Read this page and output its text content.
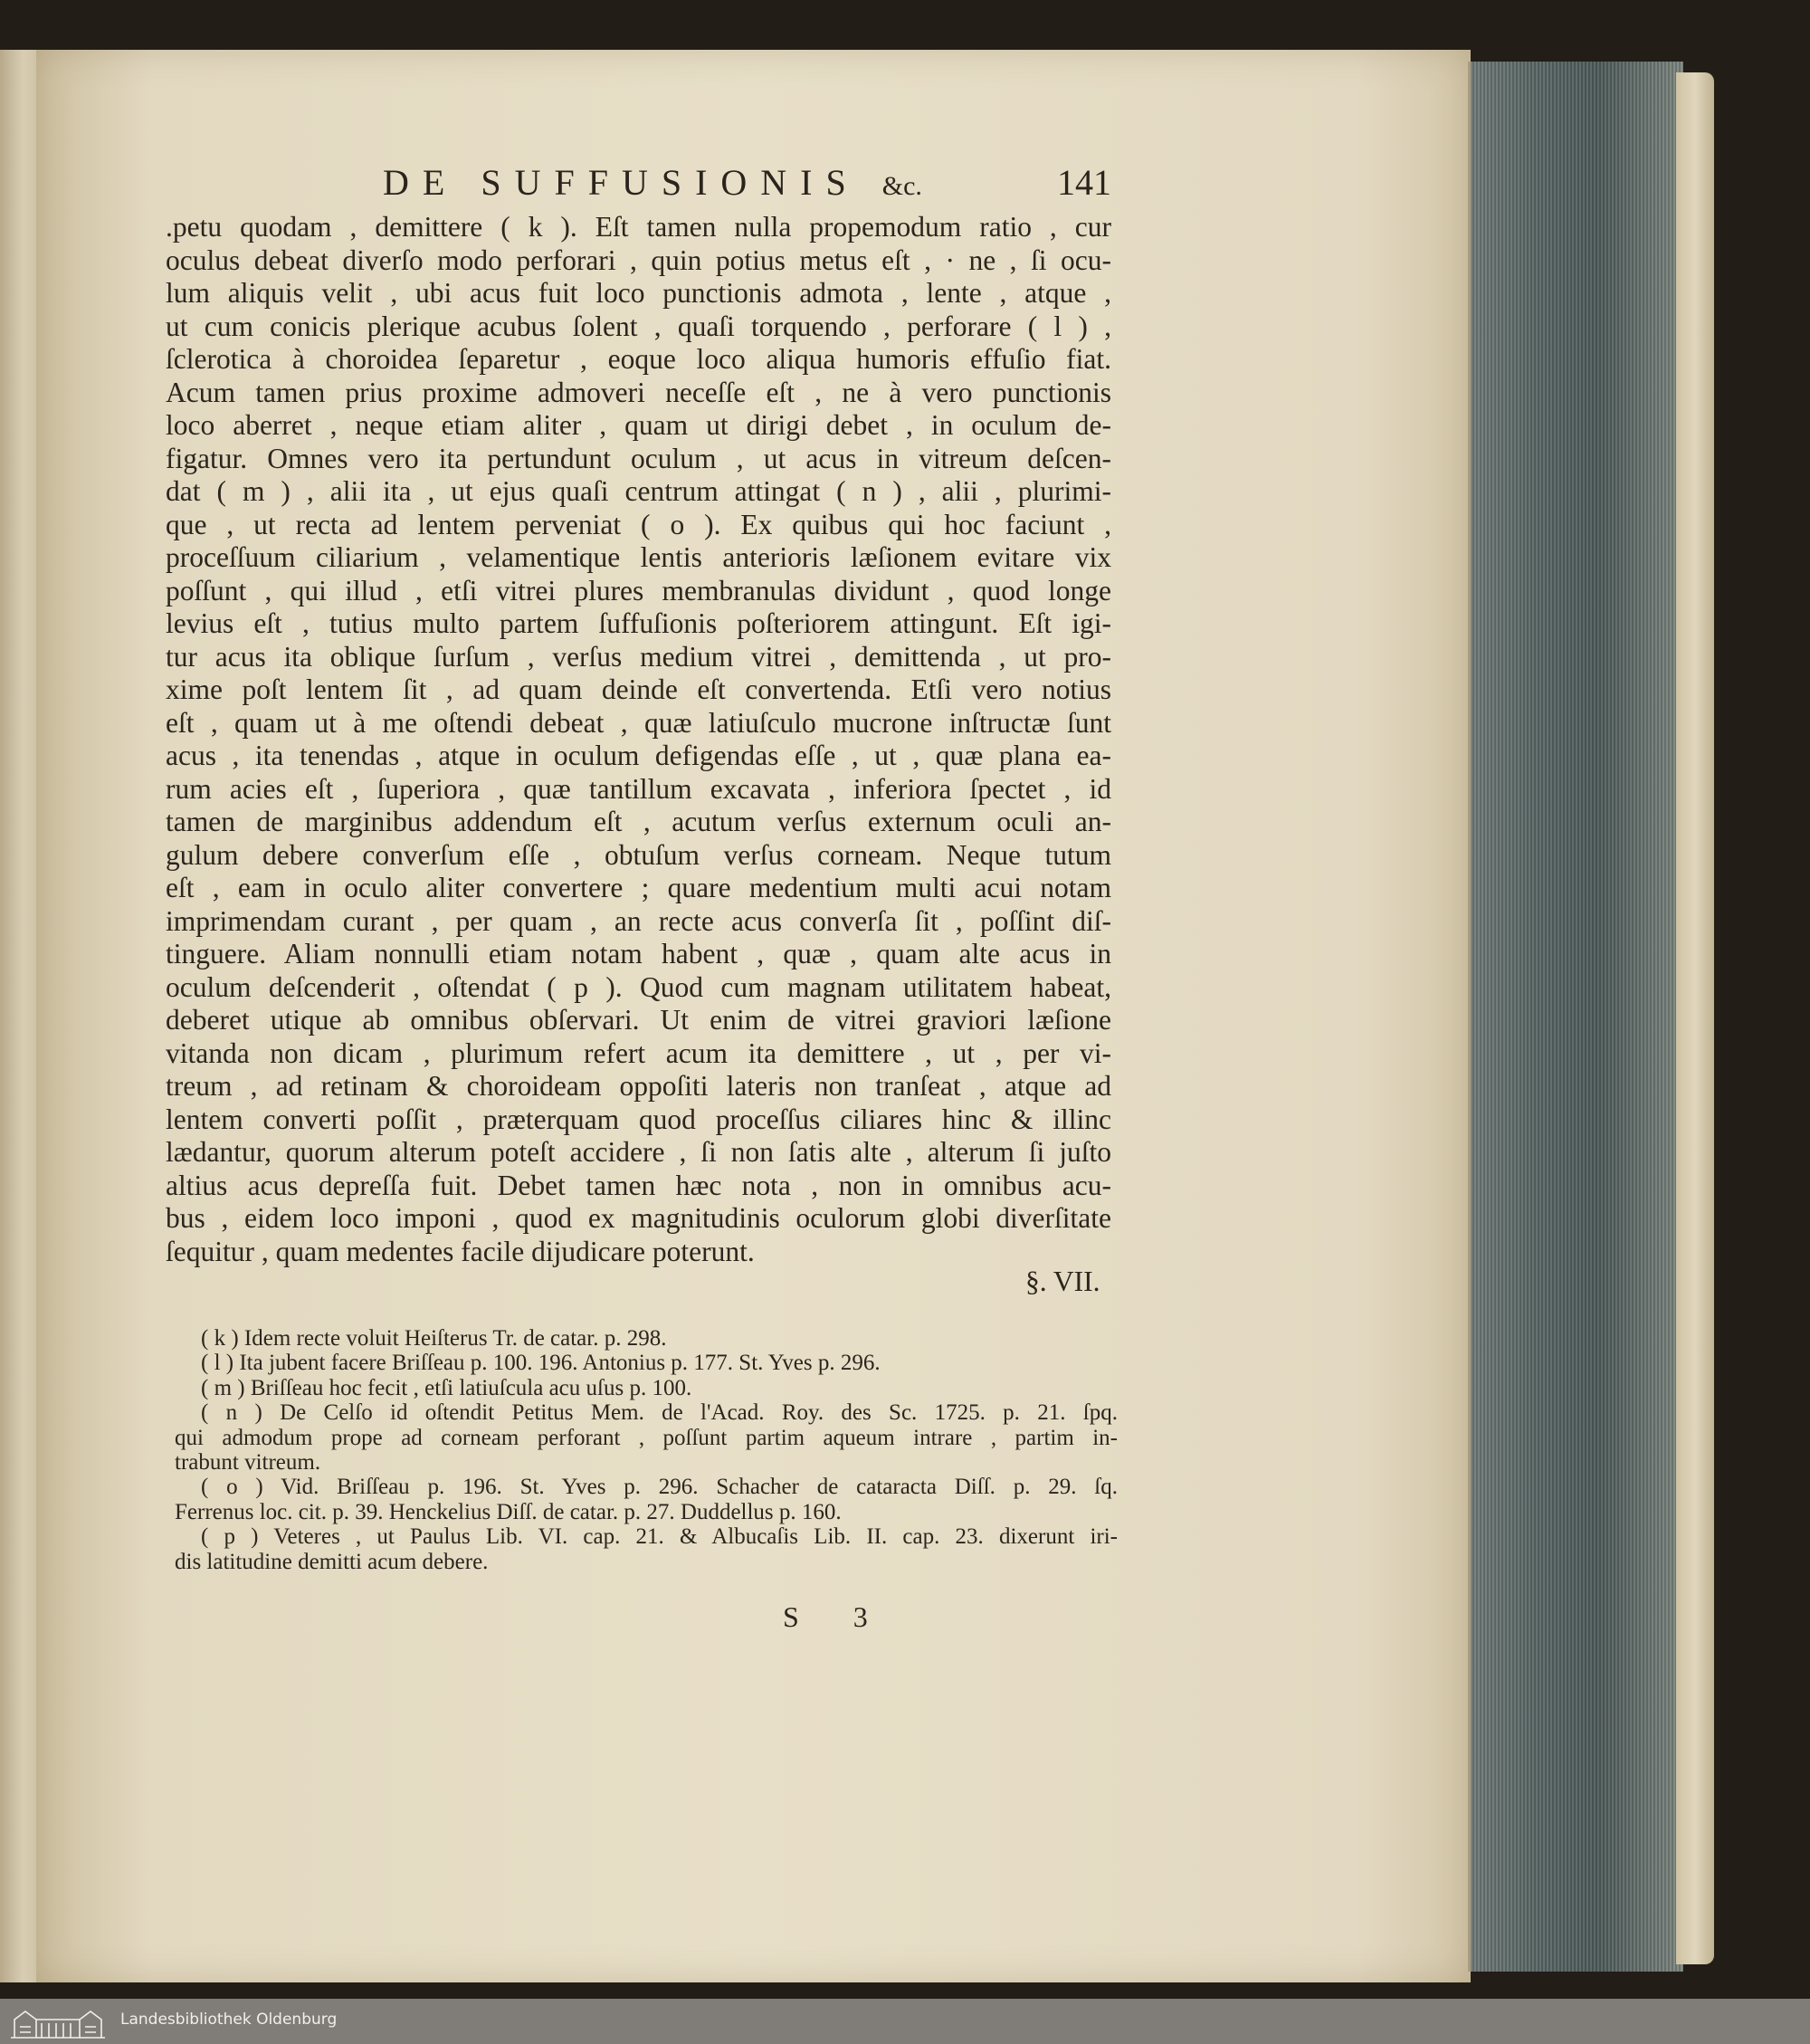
DE SUFFUSIONIS &c.	141
.petu quodam , demittere ( k ). Eſt tamen nulla propemodum ratio , cur
oculus debeat diverſo modo perforari , quin potius metus eſt , · ne , ſi ocu-
lum aliquis velit , ubi acus fuit loco punctionis admota , lente , atque ,
ut cum conicis plerique acubus ſolent , quaſi torquendo , perforare ( l ) ,
ſclerotica à choroidea ſeparetur , eoque loco aliqua humoris effuſio fiat.
Acum tamen prius proxime admoveri neceſſe eſt , ne à vero punctionis
loco aberret , neque etiam aliter , quam ut dirigi debet , in oculum de-
figatur. Omnes vero ita pertundunt oculum , ut acus in vitreum deſcen-
dat ( m ) , alii ita , ut ejus quaſi centrum attingat ( n ) , alii , plurimi-
que , ut recta ad lentem perveniat ( o ). Ex quibus qui hoc faciunt ,
proceſſuum ciliarium , velamentique lentis anterioris læſionem evitare vix
poſſunt , qui illud , etſi vitrei plures membranulas dividunt , quod longe
levius eſt , tutius multo partem ſuffuſionis poſteriorem attingunt. Eſt igi-
tur acus ita oblique ſurſum , verſus medium vitrei , demittenda , ut pro-
xime poſt lentem ſit , ad quam deinde eſt convertenda. Etſi vero notius
eſt , quam ut à me oſtendi debeat , quæ latiuſculo mucrone inſtructæ ſunt
acus , ita tenendas , atque in oculum defigendas eſſe , ut , quæ plana ea-
rum acies eſt , ſuperiora , quæ tantillum excavata , inferiora ſpectet , id
tamen de marginibus addendum eſt , acutum verſus externum oculi an-
gulum debere converſum eſſe , obtuſum verſus corneam. Neque tutum
eſt , eam in oculo aliter convertere ; quare medentium multi acui notam
imprimendam curant , per quam , an recte acus converſa ſit , poſſint diſ-
tinguere. Aliam nonnulli etiam notam habent , quæ , quam alte acus in
oculum deſcenderit , oſtendat ( p ). Quod cum magnam utilitatem habeat,
deberet utique ab omnibus obſervari. Ut enim de vitrei graviori læſione
vitanda non dicam , plurimum refert acum ita demittere , ut , per vi-
treum , ad retinam & choroideam oppoſiti lateris non tranſeat , atque ad
lentem converti poſſit , præterquam quod proceſſus ciliares hinc & illinc
lædantur, quorum alterum poteſt accidere , ſi non ſatis alte , alterum ſi juſto
altius acus depreſſa fuit. Debet tamen hæc nota , non in omnibus acu-
bus , eidem loco imponi , quod ex magnitudinis oculorum globi diverſitate
ſequitur , quam medentes facile dijudicare poterunt.
§. VII.
( k ) Idem recte voluit Heiſterus Tr. de catar. p. 298.
( l ) Ita jubent facere Briſſeau p. 100. 196. Antonius p. 177. St. Yves p. 296.
( m ) Briſſeau hoc fecit , etſi latiuſcula acu uſus p. 100.
( n ) De Celſo id oſtendit Petitus Mem. de l'Acad. Roy. des Sc. 1725. p. 21. ſpq.
qui admodum prope ad corneam perforant , poſſunt partim aqueum intrare , partim in-
trabunt vitreum.
( o ) Vid. Briſſeau p. 196. St. Yves p. 296. Schacher de cataracta Diſſ. p. 29. ſq.
Ferrenus loc. cit. p. 39. Henckelius Diſſ. de catar. p. 27. Duddellus p. 160.
( p ) Veteres , ut Paulus Lib. VI. cap. 21. & Albucaſis Lib. II. cap. 23. dixerunt iri-
dis latitudine demitti acum debere.
S 3
Landesbibliothek Oldenburg
